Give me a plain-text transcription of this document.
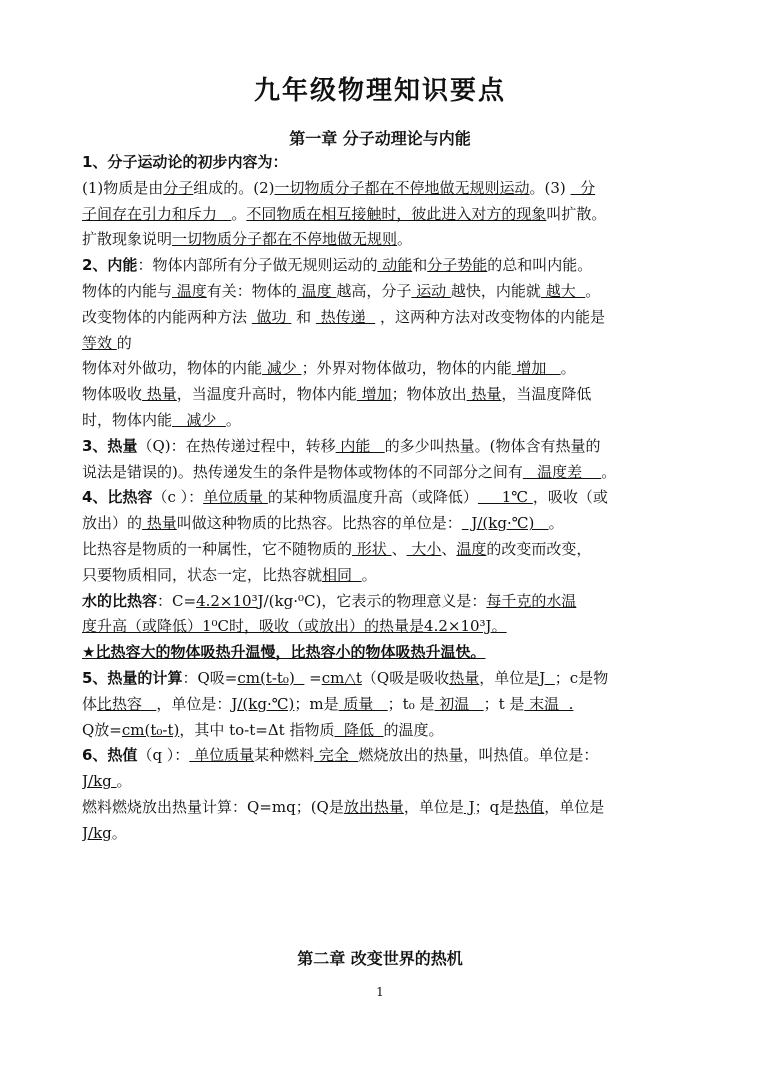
九年级物理知识要点
第一章 分子动理论与内能
1、分子运动论的初步内容为：
(1)物质是由分子组成的。(2)一切物质分子都在不停地做无规则运动。(3)   分
子间存在引力和斥力   。不同物质在相互接触时，彼此进入对方的现象叫扩散。
扩散现象说明一切物质分子都在不停地做无规则。
2、内能：物体内部所有分子做无规则运动的 动能和分子势能的总和叫内能。
物体的内能与 温度有关：物体的 温度 越高，分子 运动 越快，内能就 越大  。
改变物体的内能两种方法  做功  和  热传递   ，这两种方法对改变物体的内能是
等效 的
物体对外做功，物体的内能 减少 ；外界对物体做功，物体的内能 增加   。
物体吸收 热量，当温度升高时，物体内能 增加；物体放出 热量，当温度降低
时，物体内能   减少  。
3、热量（Q)：在热传递过程中，转移 内能   的多少叫热量。(物体含有热量的
说法是错误的)。热传递发生的条件是物体或物体的不同部分之间有   温度差    。
4、比热容（c ）：单位质量 的某种物质温度升高（或降低）     1℃ ，吸收（或
放出）的 热量叫做这种物质的比热容。比热容的单位是：  J/(kg·℃)   。
比热容是物质的一种属性，它不随物质的 形状 、 大小、温度的改变而改变，
只要物质相同，状态一定，比热容就相同  。
水的比热容：C=4.2×10³J/(kg·⁰C)，它表示的物理意义是：每千克的水温
度升高（或降低）1⁰C时，吸收（或放出）的热量是4.2×10³J。
★比热容大的物体吸热升温慢，比热容小的物体吸热升温快。
5、热量的计算：Q吸=cm(t-t₀)   =cm△t（Q吸是吸收热量，单位是J  ；c是物
体比热容   ，单位是：J/(kg·℃)；m是 质量   ；t₀ 是 初温   ；t 是 末温  .
Q放=cm(t₀-t)，其中 to-t=Δt 指物质  降低  的温度。
6、热值（q ）： 单位质量某种燃料 完全  燃烧放出的热量，叫热值。单位是：
J/kg 。
燃料燃烧放出热量计算：Q=mq；(Q是放出热量，单位是 J；q是热值，单位是
J/kg。
第二章 改变世界的热机
1
